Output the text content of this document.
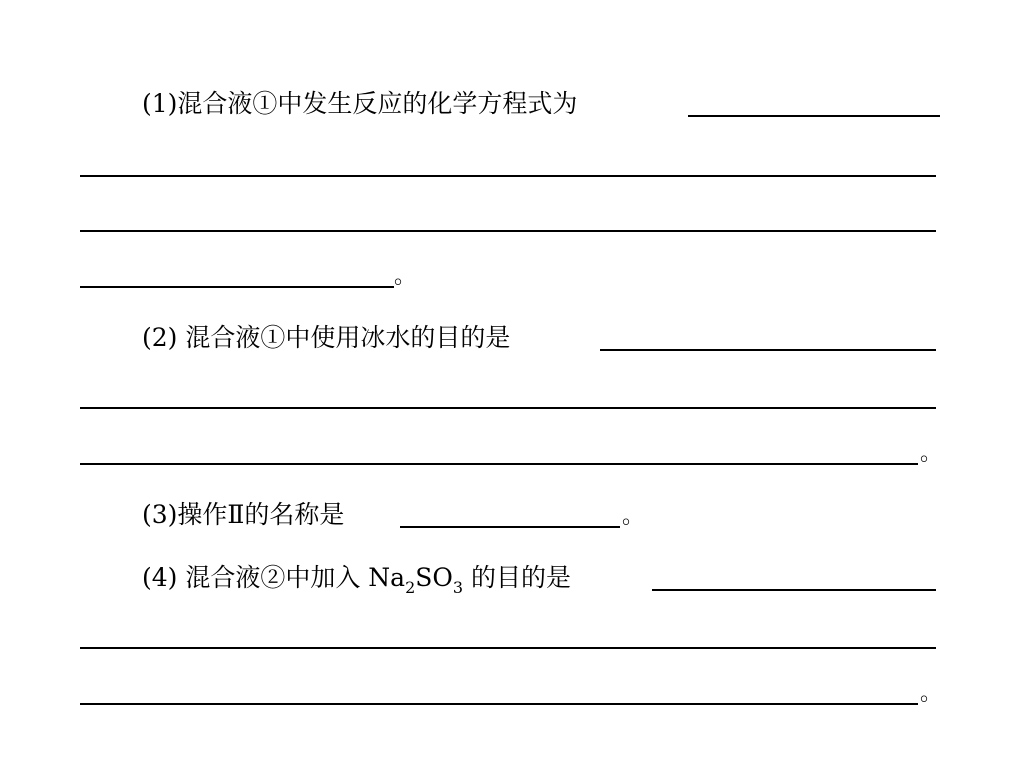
(1)混合液①中发生反应的化学方程式为
。
(2) 混合液①中使用冰水的目的是
。
(3)操作Ⅱ的名称是	。
(4) 混合液②中加入 $Na_2SO_3$ 的目的是
。
